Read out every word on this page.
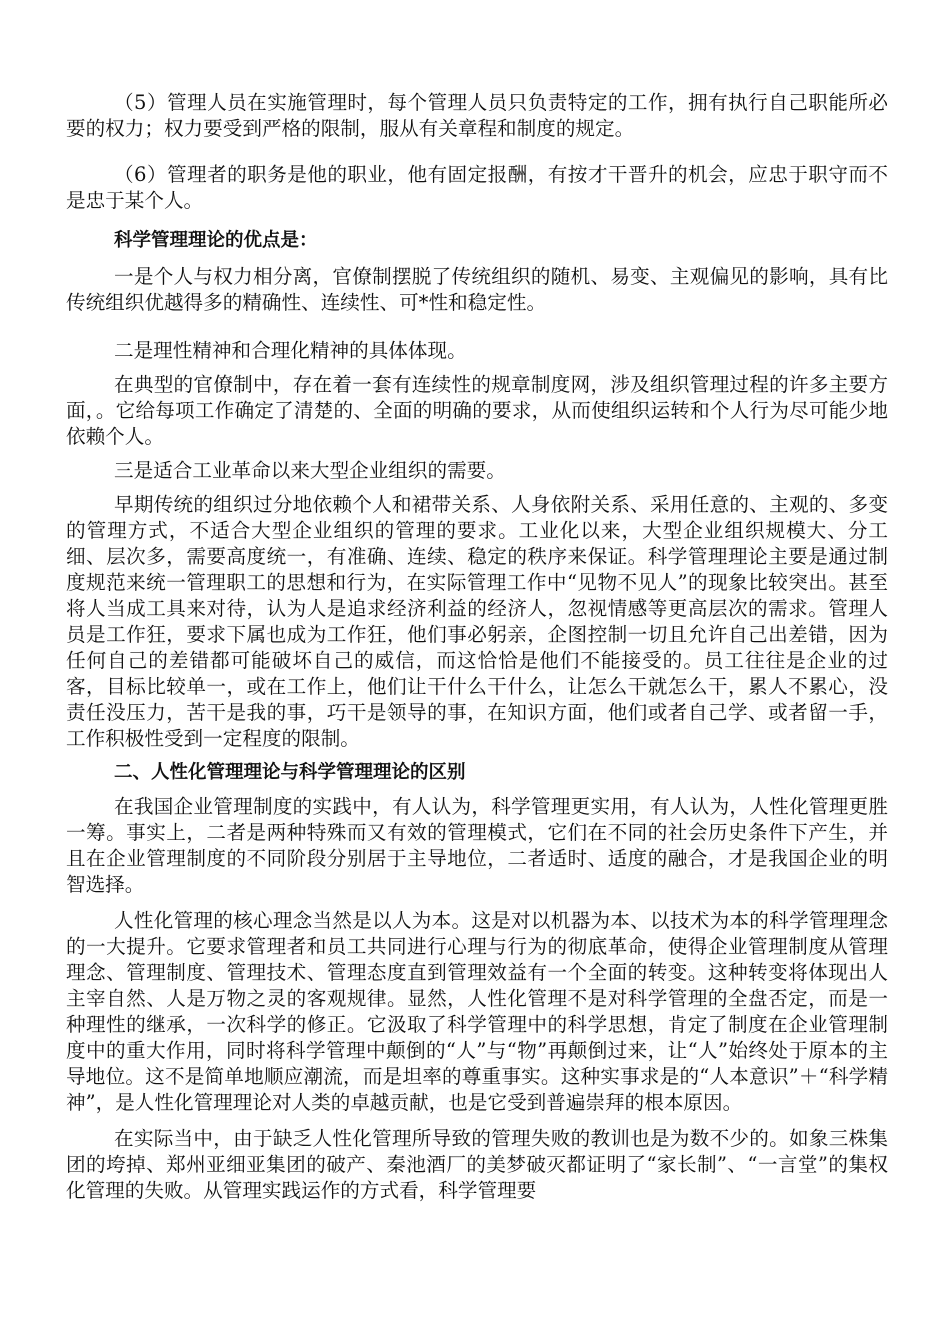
（5）管理人员在实施管理时，每个管理人员只负责特定的工作，拥有执行自己职能所必要的权力；权力要受到严格的限制，服从有关章程和制度的规定。

（6）管理者的职务是他的职业，他有固定报酬，有按才干晋升的机会，应忠于职守而不是忠于某个人。

科学管理理论的优点是：

一是个人与权力相分离，官僚制摆脱了传统组织的随机、易变、主观偏见的影响，具有比传统组织优越得多的精确性、连续性、可*性和稳定性。

二是理性精神和合理化精神的具体体现。

在典型的官僚制中，存在着一套有连续性的规章制度网，涉及组织管理过程的许多主要方面，。它给每项工作确定了清楚的、全面的明确的要求，从而使组织运转和个人行为尽可能少地依赖个人。

三是适合工业革命以来大型企业组织的需要。

早期传统的组织过分地依赖个人和裙带关系、人身依附关系、采用任意的、主观的、多变的管理方式，不适合大型企业组织的管理的要求。工业化以来，大型企业组织规模大、分工细、层次多，需要高度统一，有准确、连续、稳定的秩序来保证。科学管理理论主要是通过制度规范来统一管理职工的思想和行为，在实际管理工作中“见物不见人”的现象比较突出。甚至将人当成工具来对待，认为人是追求经济利益的经济人，忽视情感等更高层次的需求。管理人员是工作狂，要求下属也成为工作狂，他们事必躬亲，企图控制一切且允许自己出差错，因为任何自己的差错都可能破坏自己的威信，而这恰恰是他们不能接受的。员工往往是企业的过客，目标比较单一，或在工作上，他们让干什么干什么，让怎么干就怎么干，累人不累心，没责任没压力，苦干是我的事，巧干是领导的事，在知识方面，他们或者自己学、或者留一手，工作积极性受到一定程度的限制。

二、人性化管理理论与科学管理理论的区别

在我国企业管理制度的实践中，有人认为，科学管理更实用，有人认为，人性化管理更胜一筹。事实上，二者是两种特殊而又有效的管理模式，它们在不同的社会历史条件下产生，并且在企业管理制度的不同阶段分别居于主导地位，二者适时、适度的融合，才是我国企业的明智选择。

人性化管理的核心理念当然是以人为本。这是对以机器为本、以技术为本的科学管理理念的一大提升。它要求管理者和员工共同进行心理与行为的彻底革命，使得企业管理制度从管理理念、管理制度、管理技术、管理态度直到管理效益有一个全面的转变。这种转变将体现出人主宰自然、人是万物之灵的客观规律。显然，人性化管理不是对科学管理的全盘否定，而是一种理性的继承，一次科学的修正。它汲取了科学管理中的科学思想，肯定了制度在企业管理制度中的重大作用，同时将科学管理中颠倒的“人”与“物”再颠倒过来，让“人”始终处于原本的主导地位。这不是简单地顺应潮流，而是坦率的尊重事实。这种实事求是的“人本意识”＋“科学精神”，是人性化管理理论对人类的卓越贡献，也是它受到普遍崇拜的根本原因。

在实际当中，由于缺乏人性化管理所导致的管理失败的教训也是为数不少的。如象三株集团的垮掉、郑州亚细亚集团的破产、秦池酒厂的美梦破灭都证明了“家长制”、“一言堂”的集权化管理的失败。从管理实践运作的方式看，科学管理要
